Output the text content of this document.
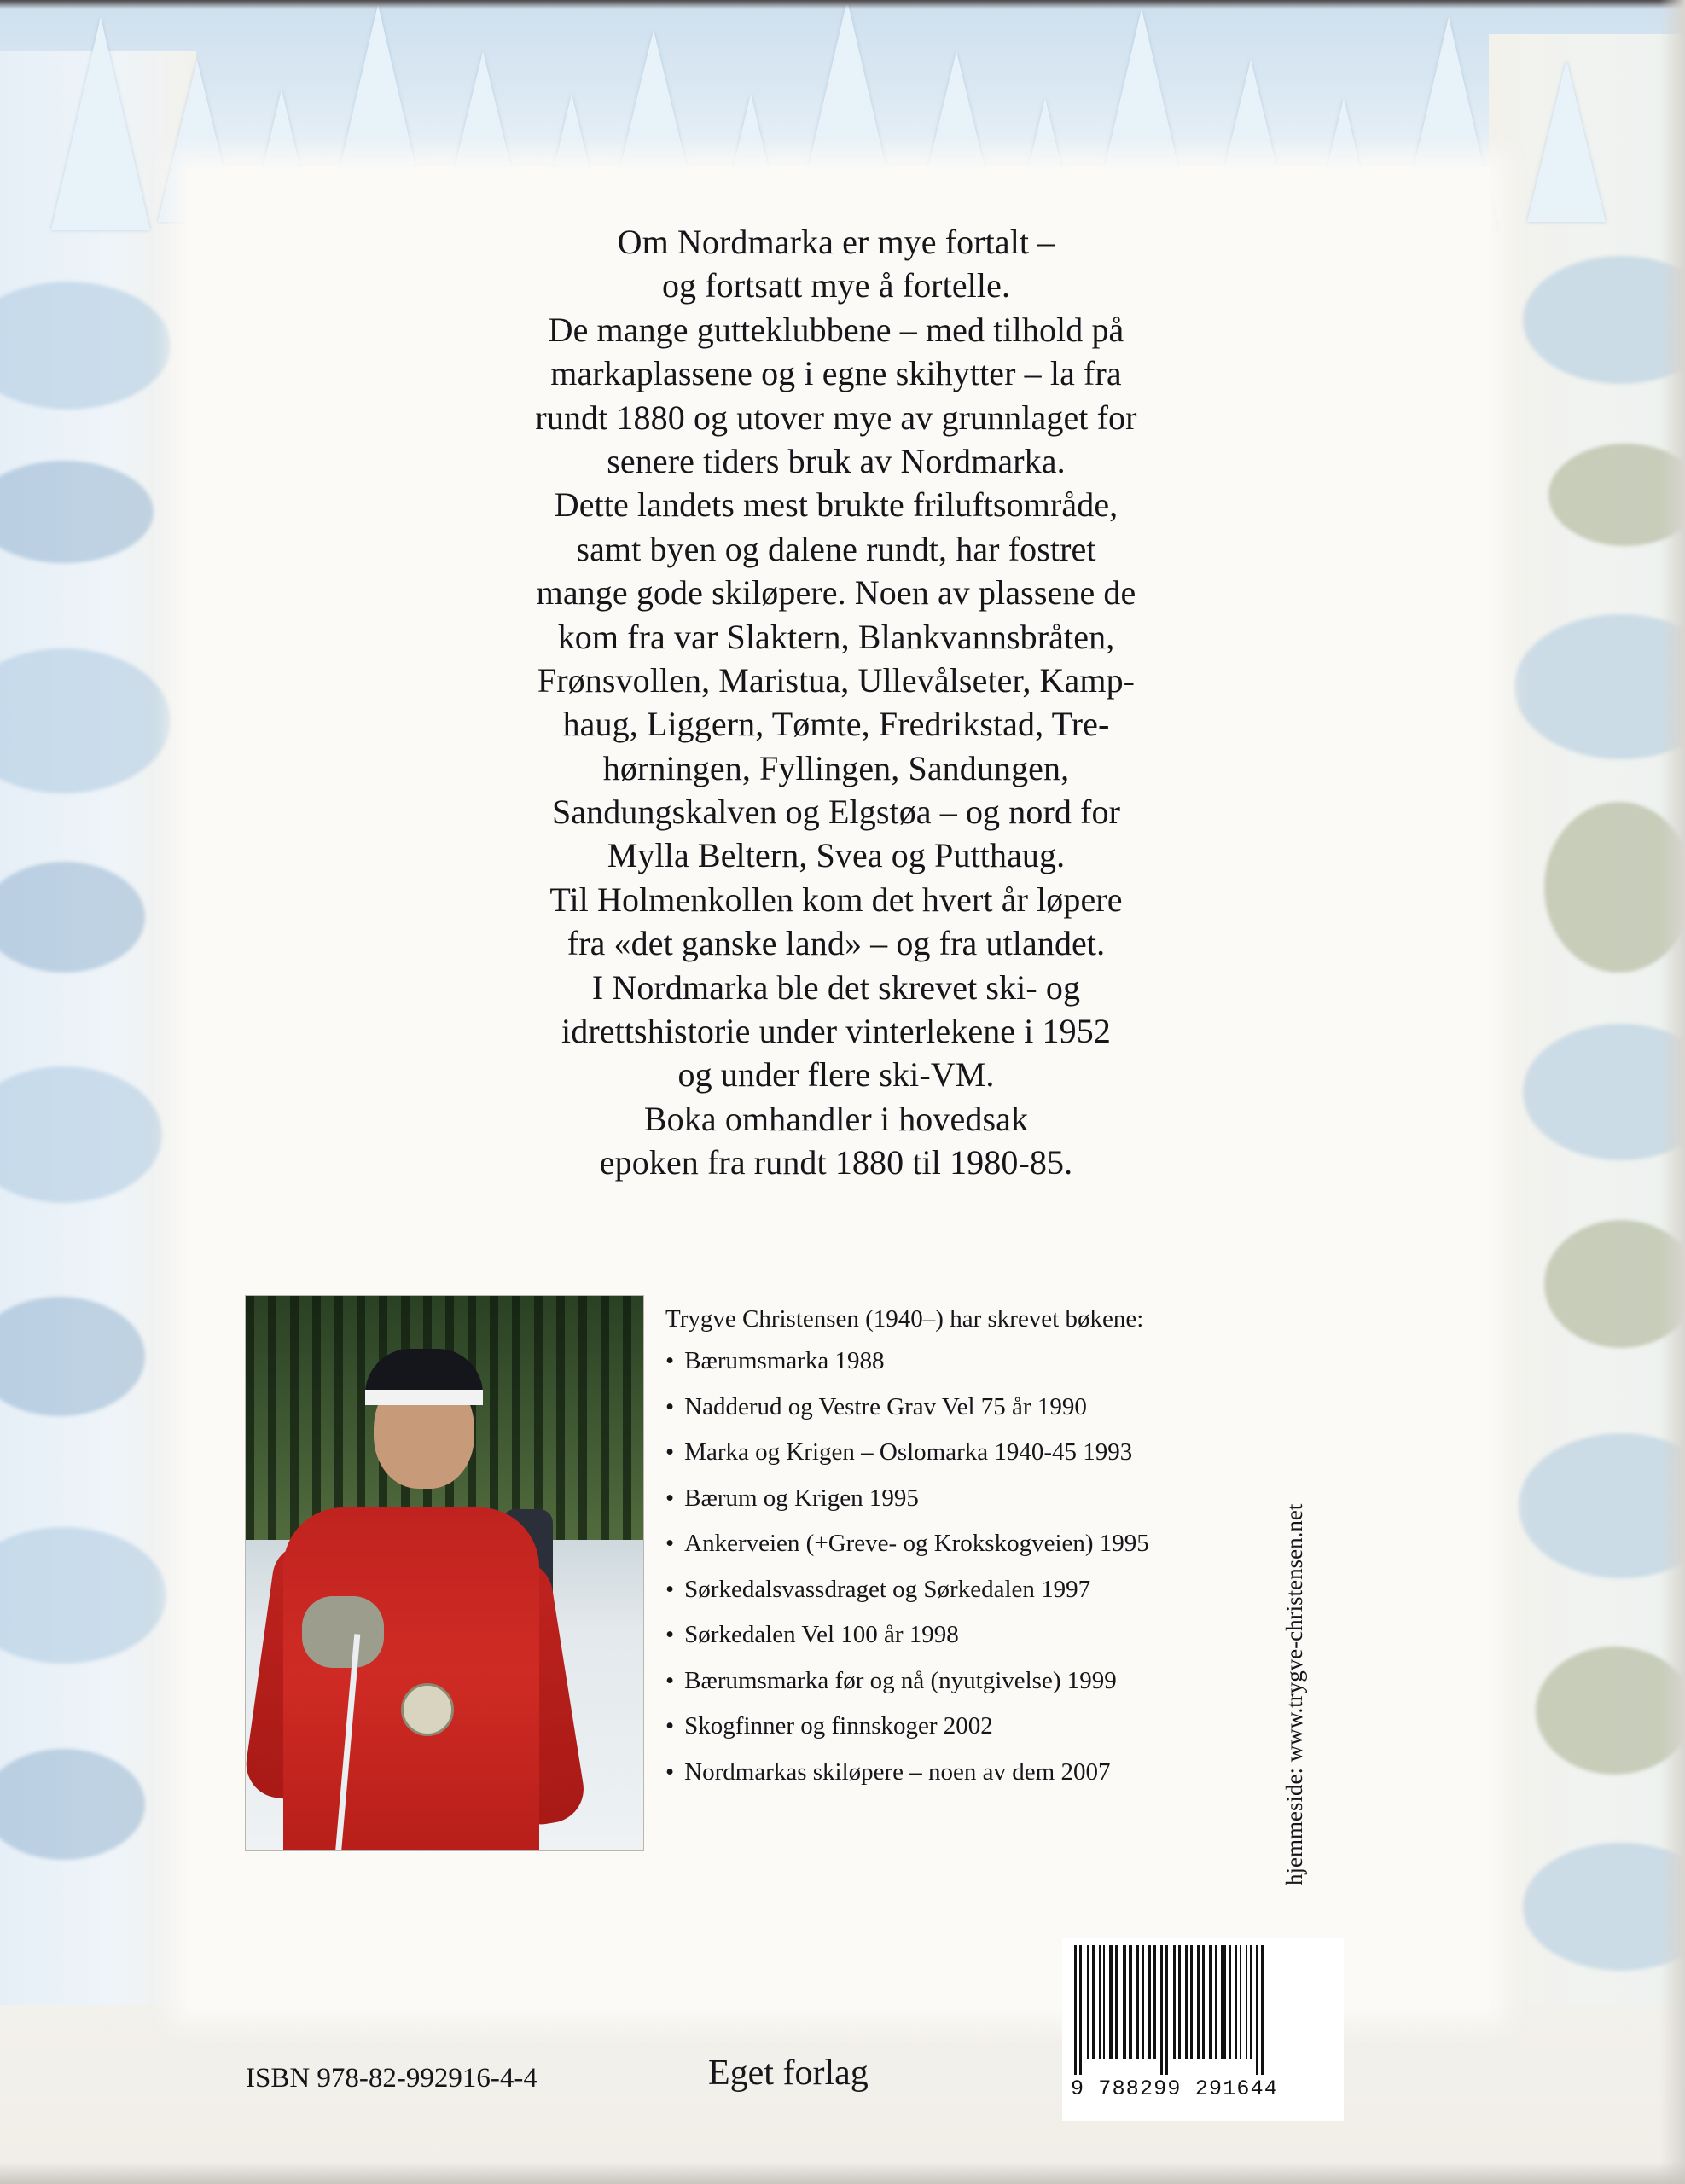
Om Nordmarka er mye fortalt –
og fortsatt mye å fortelle.
De mange gutteklubbene – med tilhold på
markaplassene og i egne skihytter – la fra
rundt 1880 og utover mye av grunnlaget for
senere tiders bruk av Nordmarka.
Dette landets mest brukte friluftsområde,
samt byen og dalene rundt, har fostret
mange gode skiløpere. Noen av plassene de
kom fra var Slaktern, Blankvannsbråten,
Frønsvollen, Maristua, Ullevålseter, Kamp-
haug, Liggern, Tømte, Fredrikstad, Tre-
hørningen, Fyllingen, Sandungen,
Sandungskalven og Elgstøa – og nord for
Mylla Beltern, Svea og Putthaug.
Til Holmenkollen kom det hvert år løpere
fra «det ganske land» – og fra utlandet.
I Nordmarka ble det skrevet ski- og
idrettshistorie under vinterlekene i 1952
og under flere ski-VM.
Boka omhandler i hovedsak
epoken fra rundt 1880 til 1980-85.
Trygve Christensen (1940–) har skrevet bøkene:
• Bærumsmarka 1988
• Nadderud og Vestre Grav Vel 75 år 1990
• Marka og Krigen – Oslomarka 1940-45 1993
• Bærum og Krigen 1995
• Ankerveien (+Greve- og Krokskogveien) 1995
• Sørkedalsvassdraget og Sørkedalen 1997
• Sørkedalen Vel 100 år 1998
• Bærumsmarka før og nå (nyutgivelse) 1999
• Skogfinner og finnskoger 2002
• Nordmarkas skiløpere – noen av dem 2007	hjemmeside: www.trygve-christensen.net
ISBN 978-82-992916-4-4	Eget forlag	9 788299 291644
